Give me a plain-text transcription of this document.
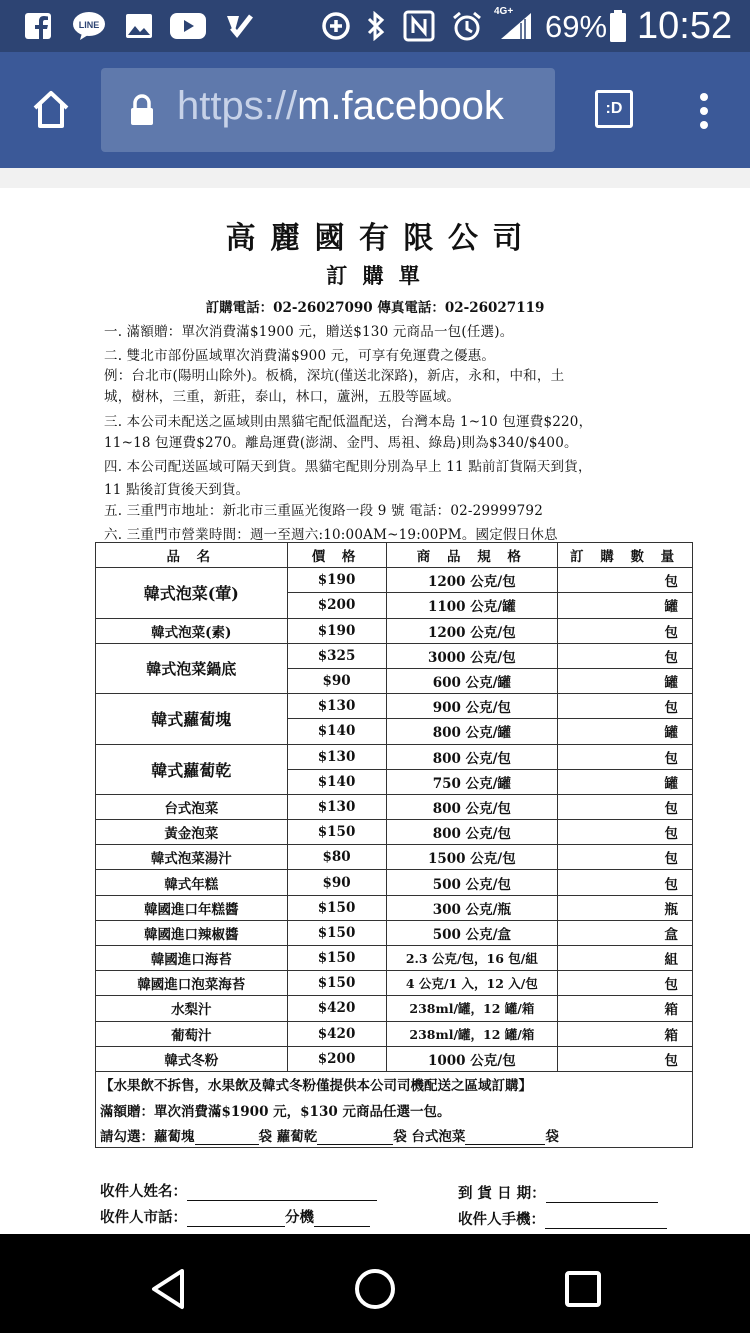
LINE
4G+ 69% 10:52
https://m.facebook	:D
高 麗 國 有 限 公 司
訂 購 單
訂購電話：02-26027090 傳真電話：02-26027119
一. 滿額贈：單次消費滿$1900 元，贈送$130 元商品一包(任選)。
二. 雙北市部份區域單次消費滿$900 元，可享有免運費之優惠。
例：台北市(陽明山除外)。板橋，深坑(僅送北深路)，新店，永和，中和，土
城，樹林，三重，新莊，泰山，林口，蘆洲，五股等區域。
三. 本公司未配送之區域則由黑貓宅配低溫配送，台灣本島 1~10 包運費$220，
11~18 包運費$270。離島運費(澎湖、金門、馬祖、綠島)則為$340/$400。
四. 本公司配送區域可隔天到貨。黑貓宅配則分別為早上 11 點前訂貨隔天到貨，
11 點後訂貨後天到貨。
五. 三重門市地址：新北市三重區光復路一段 9 號 電話：02-29999792
六. 三重門市營業時間：週一至週六:10:00AM~19:00PM。國定假日休息
品 名	價 格	商 品 規 格	訂 購 數 量
韓式泡菜(葷)	$190	1200 公克/包	包
	$200	1100 公克/罐	罐
韓式泡菜(素)	$190	1200 公克/包	包
韓式泡菜鍋底	$325	3000 公克/包	包
	$90	600 公克/罐	罐
韓式蘿蔔塊	$130	900 公克/包	包
	$140	800 公克/罐	罐
韓式蘿蔔乾	$130	800 公克/包	包
	$140	750 公克/罐	罐
台式泡菜	$130	800 公克/包	包
黃金泡菜	$150	800 公克/包	包
韓式泡菜湯汁	$80	1500 公克/包	包
韓式年糕	$90	500 公克/包	包
韓國進口年糕醬	$150	300 公克/瓶	瓶
韓國進口辣椒醬	$150	500 公克/盒	盒
韓國進口海苔	$150	2.3 公克/包，16 包/組	組
韓國進口泡菜海苔	$150	4 公克/1 入，12 入/包	包
水梨汁	$420	238ml/罐，12 罐/箱	箱
葡萄汁	$420	238ml/罐，12 罐/箱	箱
韓式冬粉	$200	1000 公克/包	包
【水果飲不拆售，水果飲及韓式冬粉僅提供本公司司機配送之區域訂購】			
滿額贈：單次消費滿$1900 元，$130 元商品任選一包。			
請勾選：蘿蔔塊 袋 蘿蔔乾 袋 台式泡菜 袋			
收件人姓名：	到 貨 日 期：
收件人市話：	分機	收件人手機：
